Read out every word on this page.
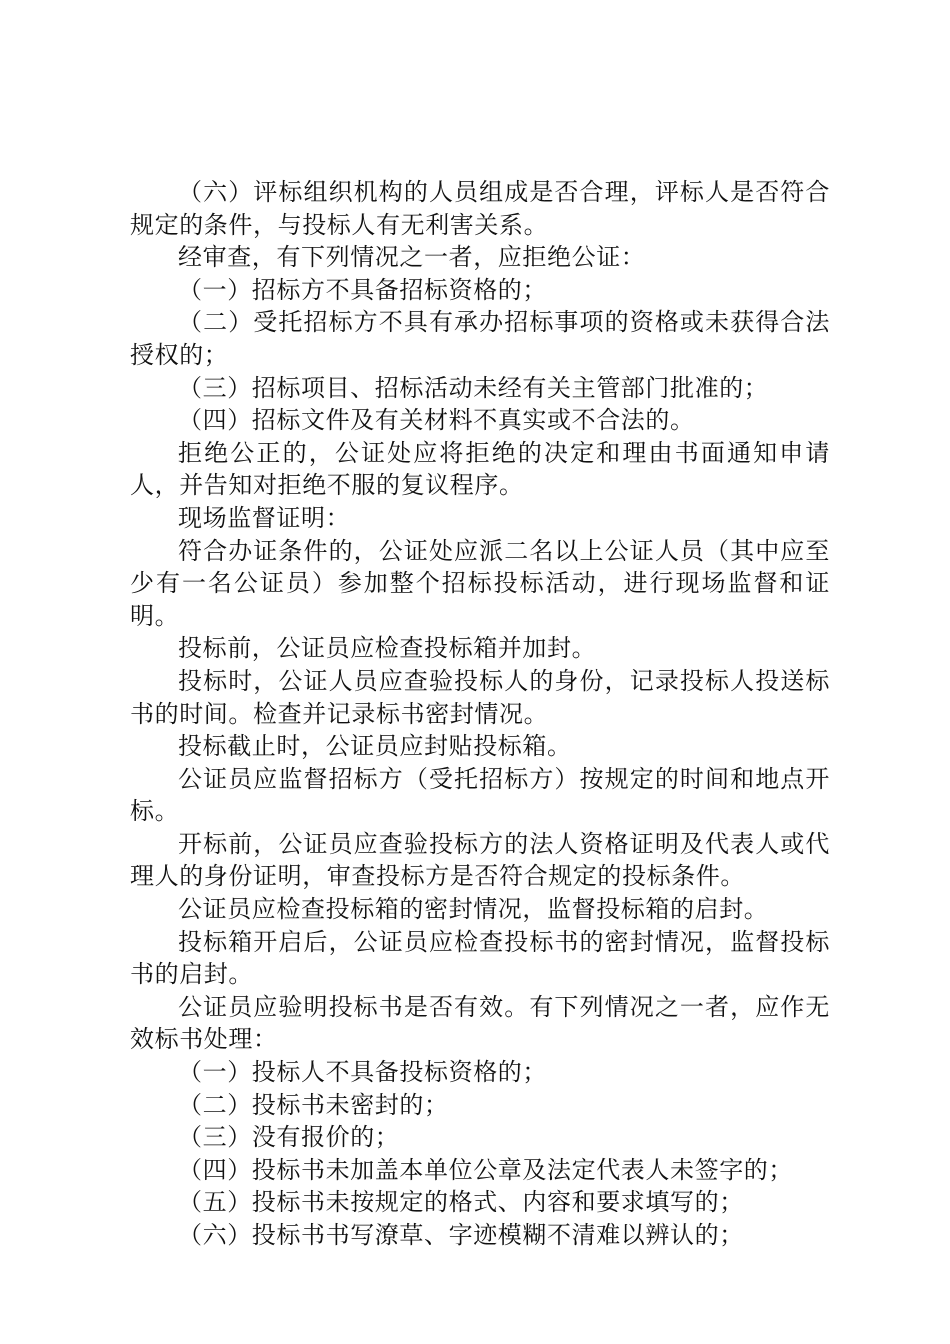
（六）评标组织机构的人员组成是否合理，评标人是否符合规定的条件，与投标人有无利害关系。

经审查，有下列情况之一者，应拒绝公证：

（一）招标方不具备招标资格的；

（二）受托招标方不具有承办招标事项的资格或未获得合法授权的；

（三）招标项目、招标活动未经有关主管部门批准的；

（四）招标文件及有关材料不真实或不合法的。

拒绝公正的，公证处应将拒绝的决定和理由书面通知申请人，并告知对拒绝不服的复议程序。

现场监督证明：

符合办证条件的，公证处应派二名以上公证人员（其中应至少有一名公证员）参加整个招标投标活动，进行现场监督和证明。

投标前，公证员应检查投标箱并加封。

投标时，公证人员应查验投标人的身份，记录投标人投送标书的时间。检查并记录标书密封情况。

投标截止时，公证员应封贴投标箱。

公证员应监督招标方（受托招标方）按规定的时间和地点开标。

开标前，公证员应查验投标方的法人资格证明及代表人或代理人的身份证明，审查投标方是否符合规定的投标条件。

公证员应检查投标箱的密封情况，监督投标箱的启封。

投标箱开启后，公证员应检查投标书的密封情况，监督投标书的启封。

公证员应验明投标书是否有效。有下列情况之一者，应作无效标书处理：

（一）投标人不具备投标资格的；

（二）投标书未密封的；

（三）没有报价的；

（四）投标书未加盖本单位公章及法定代表人未签字的；

（五）投标书未按规定的格式、内容和要求填写的；

（六）投标书书写潦草、字迹模糊不清难以辨认的；
